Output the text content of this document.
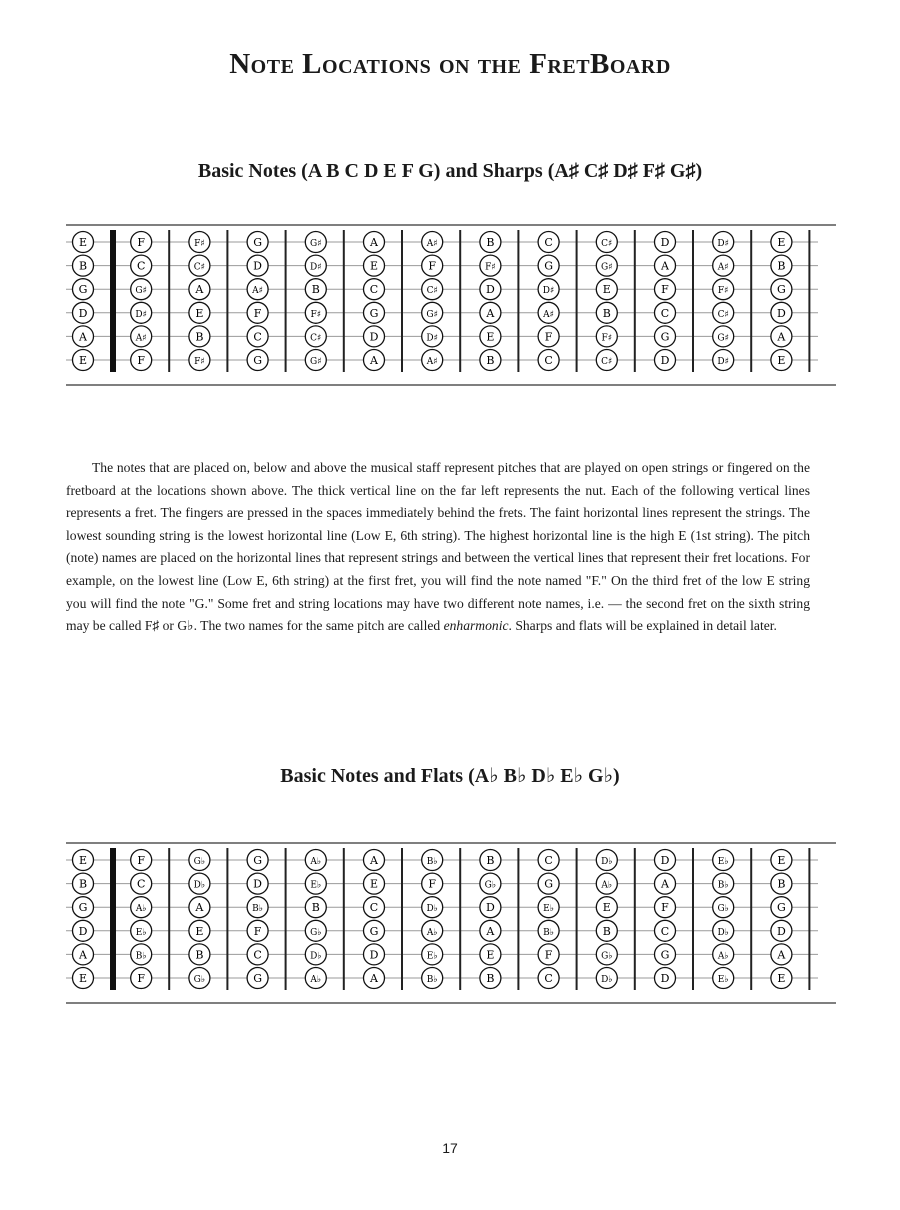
Note Locations on the FretBoard
Basic Notes (A B C D E F G) and Sharps (A♯ C♯ D♯ F♯ G♯)
E	F	F♯	G	G♯	A	A♯	B	C	C♯	D	D♯	E
B	C	C♯	D	D♯	E	F	F♯	G	G♯	A	A♯	B
G	G♯	A	A♯	B	C	C♯	D	D♯	E	F	F♯	G
D	D♯	E	F	F♯	G	G♯	A	A♯	B	C	C♯	D
A	A♯	B	C	C♯	D	D♯	E	F	F♯	G	G♯	A
E	F	F♯	G	G♯	A	A♯	B	C	C♯	D	D♯	E

The notes that are placed on, below and above the musical staff represent pitches that are played on open strings or fingered on the fretboard at the locations shown above. The thick vertical line on the far left represents the nut. Each of the following vertical lines represents a fret. The fingers are pressed in the spaces immediately behind the frets. The faint horizontal lines represent the strings. The lowest sounding string is the lowest horizontal line (Low E, 6th string). The highest horizontal line is the high E (1st string). The pitch (note) names are placed on the horizontal lines that represent strings and between the vertical lines that represent their fret locations. For example, on the lowest line (Low E, 6th string) at the first fret, you will find the note named "F." On the third fret of the low E string you will find the note "G." Some fret and string locations may have two different note names, i.e. — the second fret on the sixth string may be called F♯ or G♭. The two names for the same pitch are called enharmonic. Sharps and flats will be explained in detail later.

Basic Notes and Flats (A♭ B♭ D♭ E♭ G♭)
E	F	G♭	G	A♭	A	B♭	B	C	D♭	D	E♭	E
B	C	D♭	D	E♭	E	F	G♭	G	A♭	A	B♭	B
G	A♭	A	B♭	B	C	D♭	D	E♭	E	F	G♭	G
D	E♭	E	F	G♭	G	A♭	A	B♭	B	C	D♭	D
A	B♭	B	C	D♭	D	E♭	E	F	G♭	G	A♭	A
E	F	G♭	G	A♭	A	B♭	B	C	D♭	D	E♭	E
17
